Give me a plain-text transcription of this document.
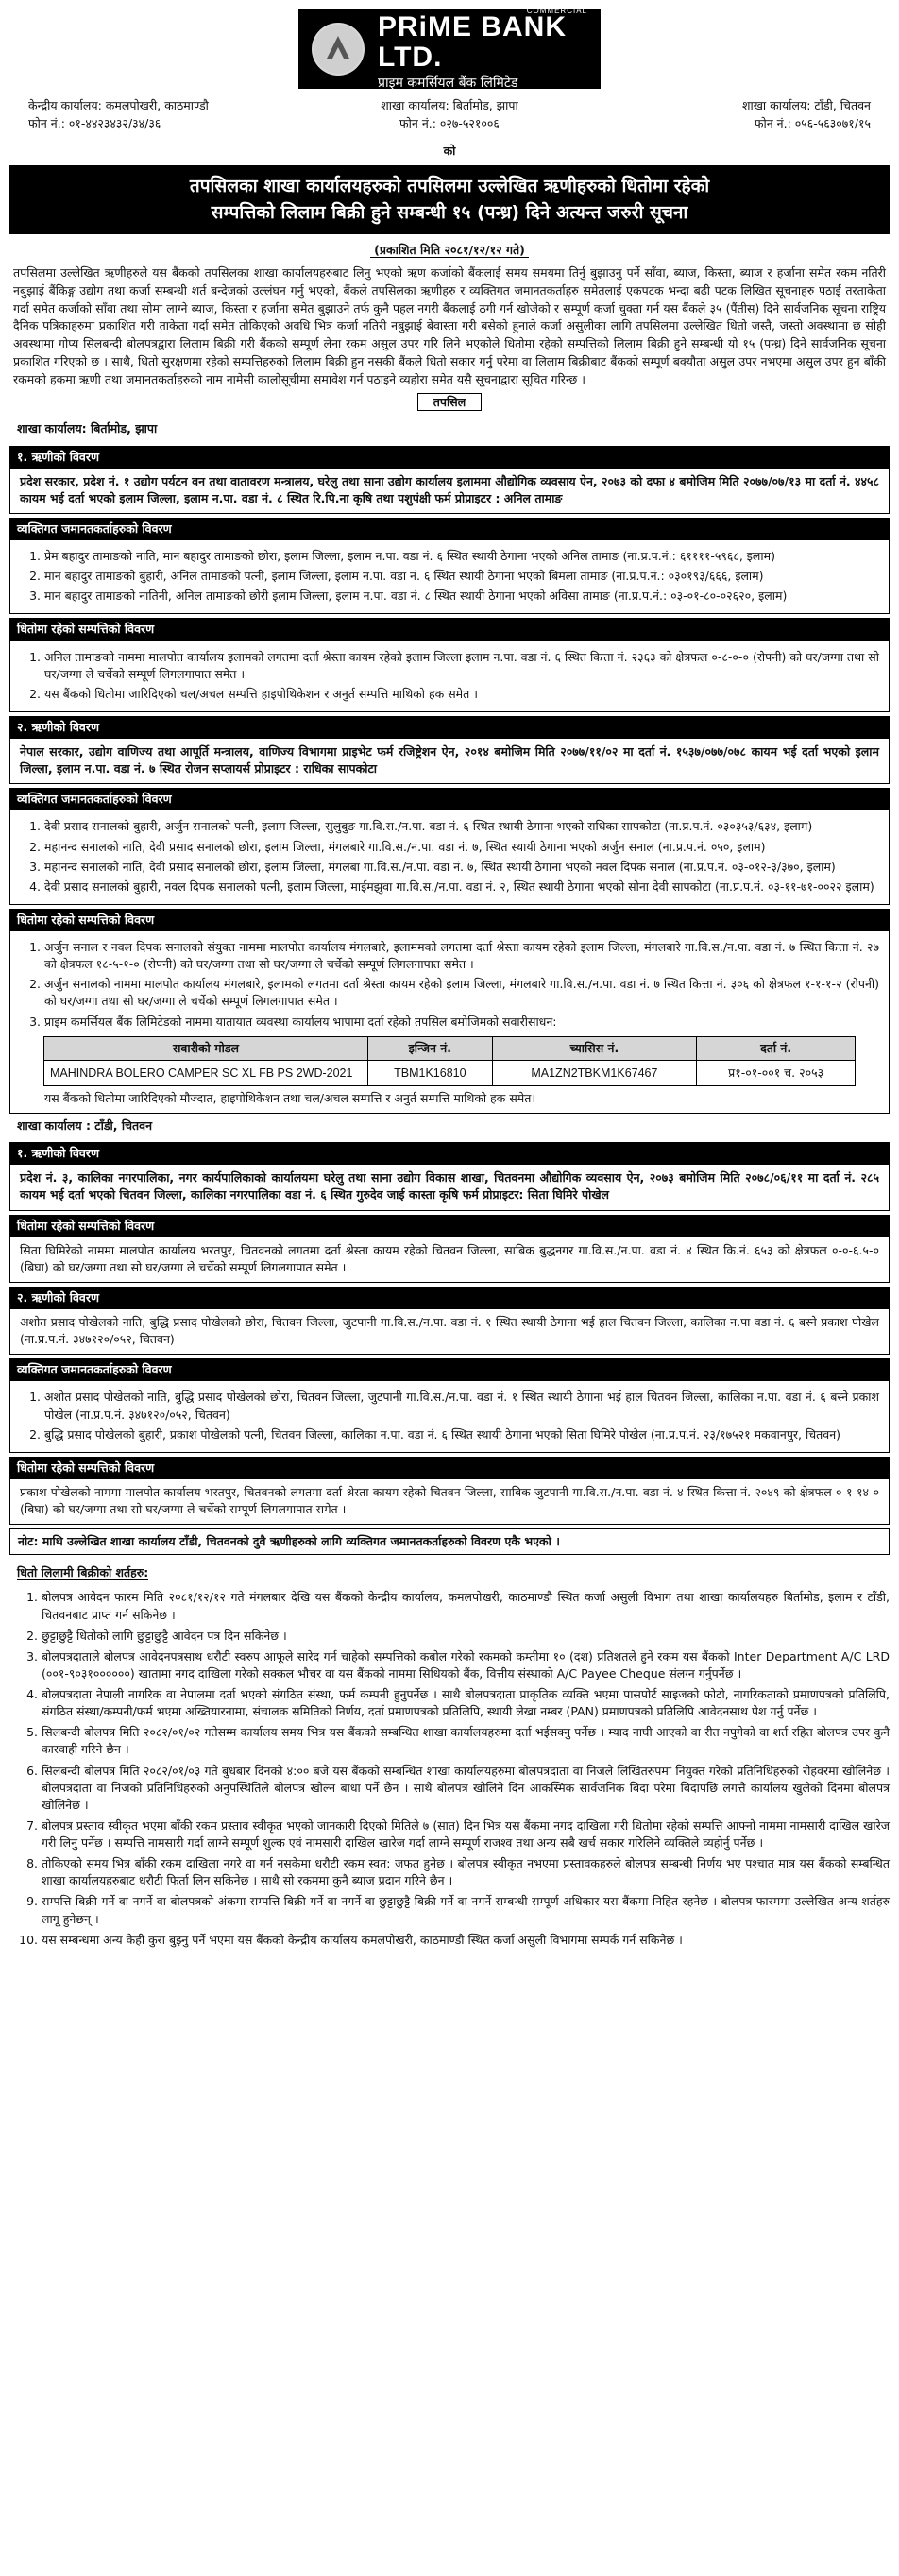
COMMERCIAL
PRiME BANK LTD.
प्राइम कमर्सियल बैंक लिमिटेड
केन्द्रीय कार्यालय: कमलपोखरी, काठमाण्डौ
फोन नं.: ०१-४४२३४३२/३४/३६
शाखा कार्यालय: बिर्तामोड, झापा
फोन नं.: ०२७-५२१००६
शाखा कार्यालय: टाँडी, चितवन
फोन नं.: ०५६-५६३०७१/१५
को
तपसिलका शाखा कार्यालयहरुको तपसिलमा उल्लेखित ऋणीहरुको धितोमा रहेको
सम्पत्तिको लिलाम बिक्री हुने सम्बन्धी १५ (पन्ध्र) दिने अत्यन्त जरुरी सूचना
(प्रकाशित मिति २०८१/१२/१२ गते)
तपसिलमा उल्लेखित ऋणीहरुले यस बैंकको तपसिलका शाखा कार्यालयहरुबाट लिनु भएको ऋण कर्जाको बैंकलाई समय समयमा तिर्नु बुझाउनु पर्ने साँवा, ब्याज, किस्ता, ब्याज र हर्जाना समेत रकम नतिरी नबुझाई बैंकिङ्ग उद्योग तथा कर्जा सम्बन्धी शर्त बन्देजको उल्लंघन गर्नु भएको, बैंकले तपसिलका ऋणीहरु र व्यक्तिगत जमानतकर्ताहरु समेतलाई एकपटक भन्दा बढी पटक लिखित सूचनाहरु पठाई तरताकेता गर्दा समेत कर्जाको साँवा तथा सोमा लाग्ने ब्याज, किस्ता र हर्जाना समेत बुझाउने तर्फ कुनै पहल नगरी बैंकलाई ठगी गर्न खोजेको र सम्पूर्ण कर्जा चुक्ता गर्न यस बैंकले ३५ (पैंतीस) दिने सार्वजनिक सूचना राष्ट्रिय दैनिक पत्रिकाहरुमा प्रकाशित गरी ताकेता गर्दा समेत तोकिएको अवधि भित्र कर्जा नतिरी नबुझाई बेवास्ता गरी बसेको हुनाले कर्जा असुलीका लागि तपसिलमा उल्लेखित धितो जस्तै, जस्तो अवस्थामा छ सोही अवस्थामा गोप्य सिलबन्दी बोलपत्रद्वारा लिलाम बिक्री गरी बैंकको सम्पूर्ण लेना रकम असुल उपर गरि लिने भएकोले धितोमा रहेको सम्पत्तिको लिलाम बिक्री हुने सम्बन्धी यो १५ (पन्ध्र) दिने सार्वजनिक सूचना प्रकाशित गरिएको छ । साथै, धितो सुरक्षणमा रहेको सम्पत्तिहरुको लिलाम बिक्री हुन नसकी बैंकले धितो सकार गर्नु परेमा वा लिलाम बिक्रीबाट बैंकको सम्पूर्ण बक्यौता असुल उपर नभएमा असुल उपर हुन बाँकी रकमको हकमा ऋणी तथा जमानतकर्ताहरुको नाम नामेसी कालोसूचीमा समावेश गर्न पठाइने व्यहोरा समेत यसै सूचनाद्वारा सूचित गरिन्छ ।
तपसिल
शाखा कार्यालय: बिर्तामोड, झापा
१. ऋणीको विवरण
प्रदेश सरकार, प्रदेश नं. १ उद्योग पर्यटन वन तथा वातावरण मन्त्रालय, घरेलु तथा साना उद्योग कार्यालय इलाममा औद्योगिक व्यवसाय ऐन, २०७३ को दफा ४ बमोजिम मिति २०७७/०७/१३ मा दर्ता नं. ४४५८ कायम भई दर्ता भएको इलाम जिल्ला, इलाम न.पा. वडा नं. ८ स्थित रि.पि.ना कृषि तथा पशुपंक्षी फर्म प्रोप्राइटर : अनिल तामाङ
व्यक्तिगत जमानतकर्ताहरुको विवरण
1. प्रेम बहादुर तामाङको नाति, मान बहादुर तामाङको छोरा, इलाम जिल्ला, इलाम न.पा. वडा नं. ६ स्थित स्थायी ठेगाना भएको अनिल तामाङ (ना.प्र.प.नं.: ६११११-५९६८, इलाम)
2. मान बहादुर तामाङको बुहारी, अनिल तामाङको पत्नी, इलाम जिल्ला, इलाम न.पा. वडा नं. ६ स्थित स्थायी ठेगाना भएको बिमला तामाङ (ना.प्र.प.नं.: ०३०१९३/६६६, इलाम)
3. मान बहादुर तामाङको नातिनी, अनिल तामाङको छोरी इलाम जिल्ला, इलाम न.पा. वडा नं. ८ स्थित स्थायी ठेगाना भएको अविसा तामाङ (ना.प्र.प.नं.: ०३-०१-८०-०२६२०, इलाम)
धितोमा रहेको सम्पत्तिको विवरण
1. अनिल तामाङको नाममा मालपोत कार्यालय इलामको लगतमा दर्ता श्रेस्ता कायम रहेको इलाम जिल्ला इलाम न.पा. वडा नं. ६ स्थित कित्ता नं. २३६३ को क्षेत्रफल ०-८-०-० (रोपनी) को घर/जग्गा तथा सो घर/जग्गा ले चर्चेको सम्पूर्ण लिगलगापात समेत ।
2. यस बैंकको धितोमा जारिदिएको चल/अचल सम्पत्ति हाइपोथिकेशन र अनुर्त सम्पत्ति माथिको हक समेत ।
२. ऋणीको विवरण
नेपाल सरकार, उद्योग वाणिज्य तथा आपूर्ति मन्त्रालय, वाणिज्य विभागमा प्राइभेट फर्म रजिष्ट्रेशन ऐन, २०१४ बमोजिम मिति २०७७/११/०२ मा दर्ता नं. १५३७/०७७/०७८ कायम भई दर्ता भएको इलाम जिल्ला, इलाम न.पा. वडा नं. ७ स्थित रोजन सप्लायर्स प्रोप्राइटर : राधिका सापकोटा
व्यक्तिगत जमानतकर्ताहरुको विवरण
1. देवी प्रसाद सनालको बुहारी, अर्जुन सनालको पत्नी, इलाम जिल्ला, सुलुबुङ गा.वि.स./न.पा. वडा नं. ६ स्थित स्थायी ठेगाना भएको राधिका सापकोटा (ना.प्र.प.नं. ०३०३५३/६३४, इलाम)
2. महानन्द सनालको नाति, देवी प्रसाद सनालको छोरा, इलाम जिल्ला, मंगलबारे गा.वि.स./न.पा. वडा नं. ७, स्थित स्थायी ठेगाना भएको अर्जुन सनाल (ना.प्र.प.नं. ०५०, इलाम)
3. महानन्द सनालको नाति, देवी प्रसाद सनालको छोरा, इलाम जिल्ला, मंगलबा गा.वि.स./न.पा. वडा नं. ७, स्थित स्थायी ठेगाना भएको नवल दिपक सनाल (ना.प्र.प.नं. ०३-०१२-३/३७०, इलाम)
4. देवी प्रसाद सनालको बुहारी, नवल दिपक सनालको पत्नी, इलाम जिल्ला, माईमझुवा गा.वि.स./न.पा. वडा नं. २, स्थित स्थायी ठेगाना भएको सोना देवी सापकोटा (ना.प्र.प.नं. ०३-११-७१-००२२ इलाम)
धितोमा रहेको सम्पत्तिको विवरण
1. अर्जुन सनाल र नवल दिपक सनालको संयुक्त नाममा मालपोत कार्यालय मंगलबारे, इलाममको लगतमा दर्ता श्रेस्ता कायम रहेको इलाम जिल्ला, मंगलबारे गा.वि.स./न.पा. वडा नं. ७ स्थित कित्ता नं. २७ को क्षेत्रफल १८-५-१-० (रोपनी) को घर/जग्गा तथा सो घर/जग्गा ले चर्चेको सम्पूर्ण लिगलगापात समेत ।
2. अर्जुन सनालको नाममा मालपोत कार्यालय मंगलबारे, इलामको लगतमा दर्ता श्रेस्ता कायम रहेको इलाम जिल्ला, मंगलबारे गा.वि.स./न.पा. वडा नं. ७ स्थित कित्ता नं. ३०६ को क्षेत्रफल १-१-१-२ (रोपनी) को घर/जग्गा तथा सो घर/जग्गा ले चर्चेको सम्पूर्ण लिगलगापात समेत ।
3. प्राइम कमर्सियल बैंक लिमिटेडको नाममा यातायात व्यवस्था कार्यालय भापामा दर्ता रहेको तपसिल बमोजिमको सवारीसाधन:
सवारीको मोडल	इन्जिन नं.	च्यासिस नं.	दर्ता नं.
MAHINDRA BOLERO CAMPER SC XL FB PS 2WD-2021	TBM1K16810	MA1ZN2TBKM1K67467	प्र१-०१-००१ च. २०५३
यस बैंकको धितोमा जारिदिएको मौज्दात, हाइपोथिकेशन तथा चल/अचल सम्पत्ति र अनुर्त सम्पत्ति माथिको हक समेत।
शाखा कार्यालय : टाँडी, चितवन
१. ऋणीको विवरण
प्रदेश नं. ३, कालिका नगरपालिका, नगर कार्यपालिकाको कार्यालयमा घरेलु तथा साना उद्योग विकास शाखा, चितवनमा औद्योगिक व्यवसाय ऐन, २०७३ बमोजिम मिति २०७८/०६/११ मा दर्ता नं. २८५ कायम भई दर्ता भएको चितवन जिल्ला, कालिका नगरपालिका वडा नं. ६ स्थित गुरुदेव जाई कास्ता कृषि फर्म प्रोप्राइटर: सिता घिमिरे पोखेल
धितोमा रहेको सम्पत्तिको विवरण
सिता घिमिरेको नाममा मालपोत कार्यालय भरतपुर, चितवनको लगतमा दर्ता श्रेस्ता कायम रहेको चितवन जिल्ला, साबिक बुद्धनगर गा.वि.स./न.पा. वडा नं. ४ स्थित कि.नं. ६५३ को क्षेत्रफल ०-०-६.५-० (बिघा) को घर/जग्गा तथा सो घर/जग्गा ले चर्चेको सम्पूर्ण लिगलगापात समेत ।
२. ऋणीको विवरण
अशोत प्रसाद पोखेलको नाति, बुद्धि प्रसाद पोखेलको छोरा, चितवन जिल्ला, जुटपानी गा.वि.स./न.पा. वडा नं. १ स्थित स्थायी ठेगाना भई हाल चितवन जिल्ला, कालिका न.पा वडा नं. ६ बस्ने प्रकाश पोखेल (ना.प्र.प.नं. ३४७१२०/०५२, चितवन)
व्यक्तिगत जमानतकर्ताहरुको विवरण
1. अशोत प्रसाद पोखेलको नाति, बुद्धि प्रसाद पोखेलको छोरा, चितवन जिल्ला, जुटपानी गा.वि.स./न.पा. वडा नं. १ स्थित स्थायी ठेगाना भई हाल चितवन जिल्ला, कालिका न.पा. वडा नं. ६ बस्ने प्रकाश पोखेल (ना.प्र.प.नं. ३४७१२०/०५२, चितवन)
2. बुद्धि प्रसाद पोखेलको बुहारी, प्रकाश पोखेलको पत्नी, चितवन जिल्ला, कालिका न.पा. वडा नं. ६ स्थित स्थायी ठेगाना भएको सिता घिमिरे पोखेल (ना.प्र.प.नं. २३/१७५२१ मकवानपुर, चितवन)
धितोमा रहेको सम्पत्तिको विवरण
प्रकाश पोखेलको नाममा मालपोत कार्यालय भरतपुर, चितवनको लगतमा दर्ता श्रेस्ता कायम रहेको चितवन जिल्ला, साबिक जुटपानी गा.वि.स./न.पा. वडा नं. ४ स्थित कित्ता नं. २०४९ को क्षेत्रफल ०-१-१४-० (बिघा) को घर/जग्गा तथा सो घर/जग्गा ले चर्चेको सम्पूर्ण लिगलगापात समेत ।
नोट: माथि उल्लेखित शाखा कार्यालय टाँडी, चितवनको दुवै ऋणीहरुको लागि व्यक्तिगत जमानतकर्ताहरुको विवरण एकै भएको ।
धितो लिलामी बिक्रीको शर्तहरु:
1. बोलपत्र आवेदन फारम मिति २०८१/१२/१२ गते मंगलबार देखि यस बैंकको केन्द्रीय कार्यालय, कमलपोखरी, काठमाण्डौ स्थित कर्जा असुली विभाग तथा शाखा कार्यालयहरु बिर्तामोड, इलाम र टाँडी, चितवनबाट प्राप्त गर्न सकिनेछ ।
2. छुट्टाछुट्टै धितोको लागि छुट्टाछुट्टै आवेदन पत्र दिन सकिनेछ ।
3. बोलपत्रदाताले बोलपत्र आवेदनपत्रसाथ धरौटी स्वरुप आफूले सारेद गर्न चाहेको सम्पत्तिको कबोल गरेको रकमको कम्तीमा १० (दश) प्रतिशतले हुने रकम यस बैंकको Inter Department A/C LRD (००१-९०३१००००००) खातामा नगद दाखिला गरेको सक्कल भौचर वा यस बैंकको नाममा सिधियको बैंक, वित्तीय संस्थाको A/C Payee Cheque संलग्न गर्नुपर्नेछ ।
4. बोलपत्रदाता नेपाली नागरिक वा नेपालमा दर्ता भएको संगठित संस्था, फर्म कम्पनी हुनुपर्नेछ । साथै बोलपत्रदाता प्राकृतिक व्यक्ति भएमा पासपोर्ट साइजको फोटो, नागरिकताको प्रमाणपत्रको प्रतिलिपि, संगठित संस्था/कम्पनी/फर्म भएमा अख्तियारनामा, संचालक समितिको निर्णय, दर्ता प्रमाणपत्रको प्रतिलिपि, स्थायी लेखा नम्बर (PAN) प्रमाणपत्रको प्रतिलिपि आवेदनसाथ पेश गर्नु पर्नेछ ।
5. सिलबन्दी बोलपत्र मिति २०८२/०१/०२ गतेसम्म कार्यालय समय भित्र यस बैंकको सम्बन्धित शाखा कार्यालयहरुमा दर्ता भईसक्नु पर्नेछ । म्याद नाघी आएको वा रीत नपुगेको वा शर्त रहित बोलपत्र उपर कुनै कारवाही गरिने छैन ।
6. सिलबन्दी बोलपत्र मिति २०८२/०१/०३ गते बुधबार दिनको ४:०० बजे यस बैंकको सम्बन्धित शाखा कार्यालयहरुमा बोलपत्रदाता वा निजले लिखितरुपमा नियुक्त गरेको प्रतिनिधिहरुको रोहवरमा खोलिनेछ । बोलपत्रदाता वा निजको प्रतिनिधिहरुको अनुपस्थितिले बोलपत्र खोल्न बाधा पर्ने छैन । साथै बोलपत्र खोलिने दिन आकस्मिक सार्वजनिक बिदा परेमा बिदापछि लगत्तै कार्यालय खुलेको दिनमा बोलपत्र खोलिनेछ ।
7. बोलपत्र प्रस्ताव स्वीकृत भएमा बाँकी रकम प्रस्ताव स्वीकृत भएको जानकारी दिएको मितिले ७ (सात) दिन भित्र यस बैंकमा नगद दाखिला गरी धितोमा रहेको सम्पत्ति आफ्नो नाममा नामसारी दाखिल खारेज गरी लिनु पर्नेछ । सम्पत्ति नामसारी गर्दा लाग्ने सम्पूर्ण शुल्क एवं नामसारी दाखिल खारेज गर्दा लाग्ने सम्पूर्ण राजश्व तथा अन्य सबै खर्च सकार गरिलिने व्यक्तिले व्यहोर्नु पर्नेछ ।
8. तोकिएको समय भित्र बाँकी रकम दाखिला नगरे वा गर्न नसकेमा धरौटी रकम स्वत: जफत हुनेछ । बोलपत्र स्वीकृत नभएमा प्रस्तावकहरुले बोलपत्र सम्बन्धी निर्णय भए पश्चात मात्र यस बैंकको सम्बन्धित शाखा कार्यालयहरुबाट धरौटी फिर्ता लिन सकिनेछ । साथै सो रकममा कुनै ब्याज प्रदान गरिने छैन ।
9. सम्पत्ति बिक्री गर्ने वा नगर्ने वा बोलपत्रको अंकमा सम्पत्ति बिक्री गर्ने वा नगर्ने वा छुट्टाछुट्टै बिक्री गर्ने वा नगर्ने सम्बन्धी सम्पूर्ण अधिकार यस बैंकमा निहित रहनेछ । बोलपत्र फारममा उल्लेखित अन्य शर्तहरु लागू हुनेछन् ।
10. यस सम्बन्धमा अन्य केही कुरा बुझ्नु पर्ने भएमा यस बैंकको केन्द्रीय कार्यालय कमलपोखरी, काठमाण्डौ स्थित कर्जा असुली विभागमा सम्पर्क गर्न सकिनेछ ।
